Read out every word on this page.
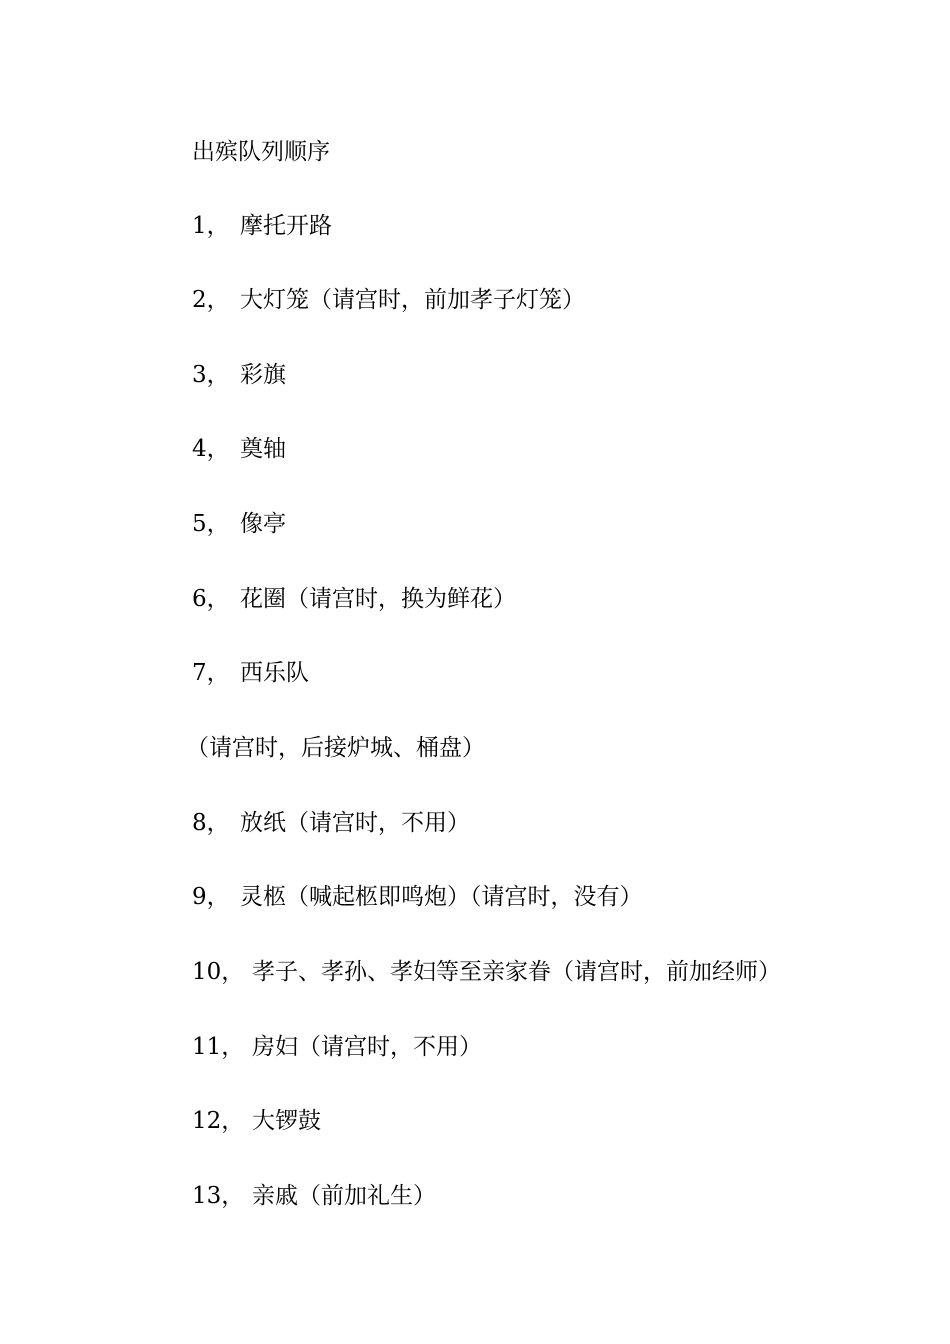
出殡队列顺序
1， 摩托开路
2， 大灯笼（请宫时，前加孝子灯笼）
3， 彩旗
4， 奠轴
5， 像亭
6， 花圈（请宫时，换为鲜花）
7， 西乐队
（请宫时，后接炉城、桶盘）
8， 放纸（请宫时，不用）
9， 灵柩（喊起柩即鸣炮）（请宫时，没有）
10， 孝子、孝孙、孝妇等至亲家眷（请宫时，前加经师）
11， 房妇（请宫时，不用）
12， 大锣鼓
13， 亲戚（前加礼生）
